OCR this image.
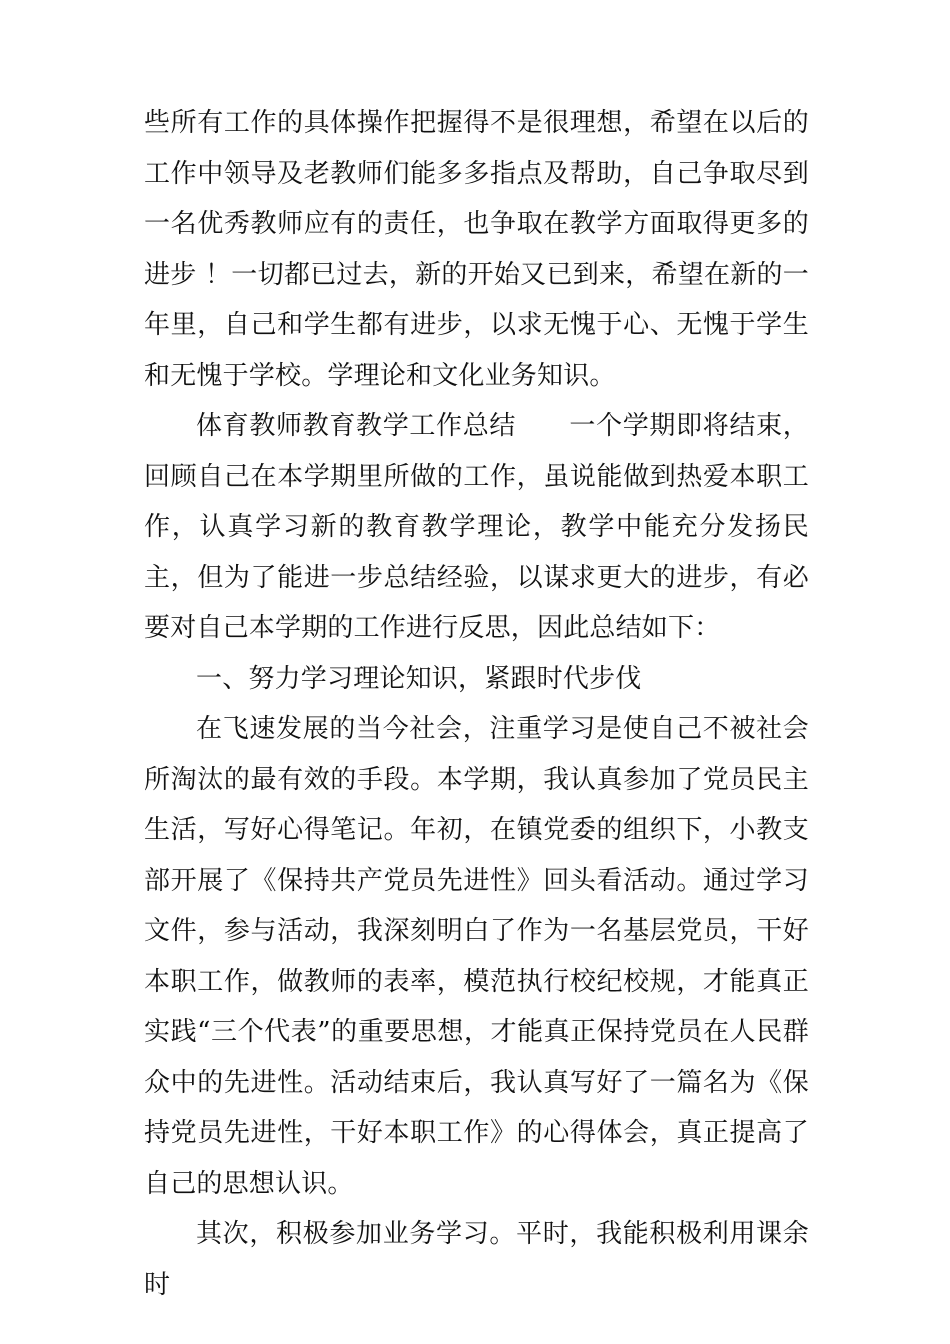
些所有工作的具体操作把握得不是很理想，希望在以后的工作中领导及老教师们能多多指点及帮助，自己争取尽到一名优秀教师应有的责任，也争取在教学方面取得更多的进步 ！一切都已过去，新的开始又已到来，希望在新的一年里，自己和学生都有进步，以求无愧于心、无愧于学生和无愧于学校。学理论和文化业务知识。

体育教师教育教学工作总结　　一个学期即将结束，回顾自己在本学期里所做的工作，虽说能做到热爱本职工作，认真学习新的教育教学理论，教学中能充分发扬民主，但为了能进一步总结经验，以谋求更大的进步，有必要对自己本学期的工作进行反思，因此总结如下：

一、努力学习理论知识，紧跟时代步伐

在飞速发展的当今社会，注重学习是使自己不被社会所淘汰的最有效的手段。本学期，我认真参加了党员民主生活，写好心得笔记。年初，在镇党委的组织下，小教支部开展了《保持共产党员先进性》回头看活动。通过学习文件，参与活动，我深刻明白了作为一名基层党员，干好本职工作，做教师的表率，模范执行校纪校规，才能真正实践“三个代表”的重要思想，才能真正保持党员在人民群众中的先进性。活动结束后，我认真写好了一篇名为《保持党员先进性，干好本职工作》的心得体会，真正提高了自己的思想认识。

其次，积极参加业务学习。平时，我能积极利用课余时
